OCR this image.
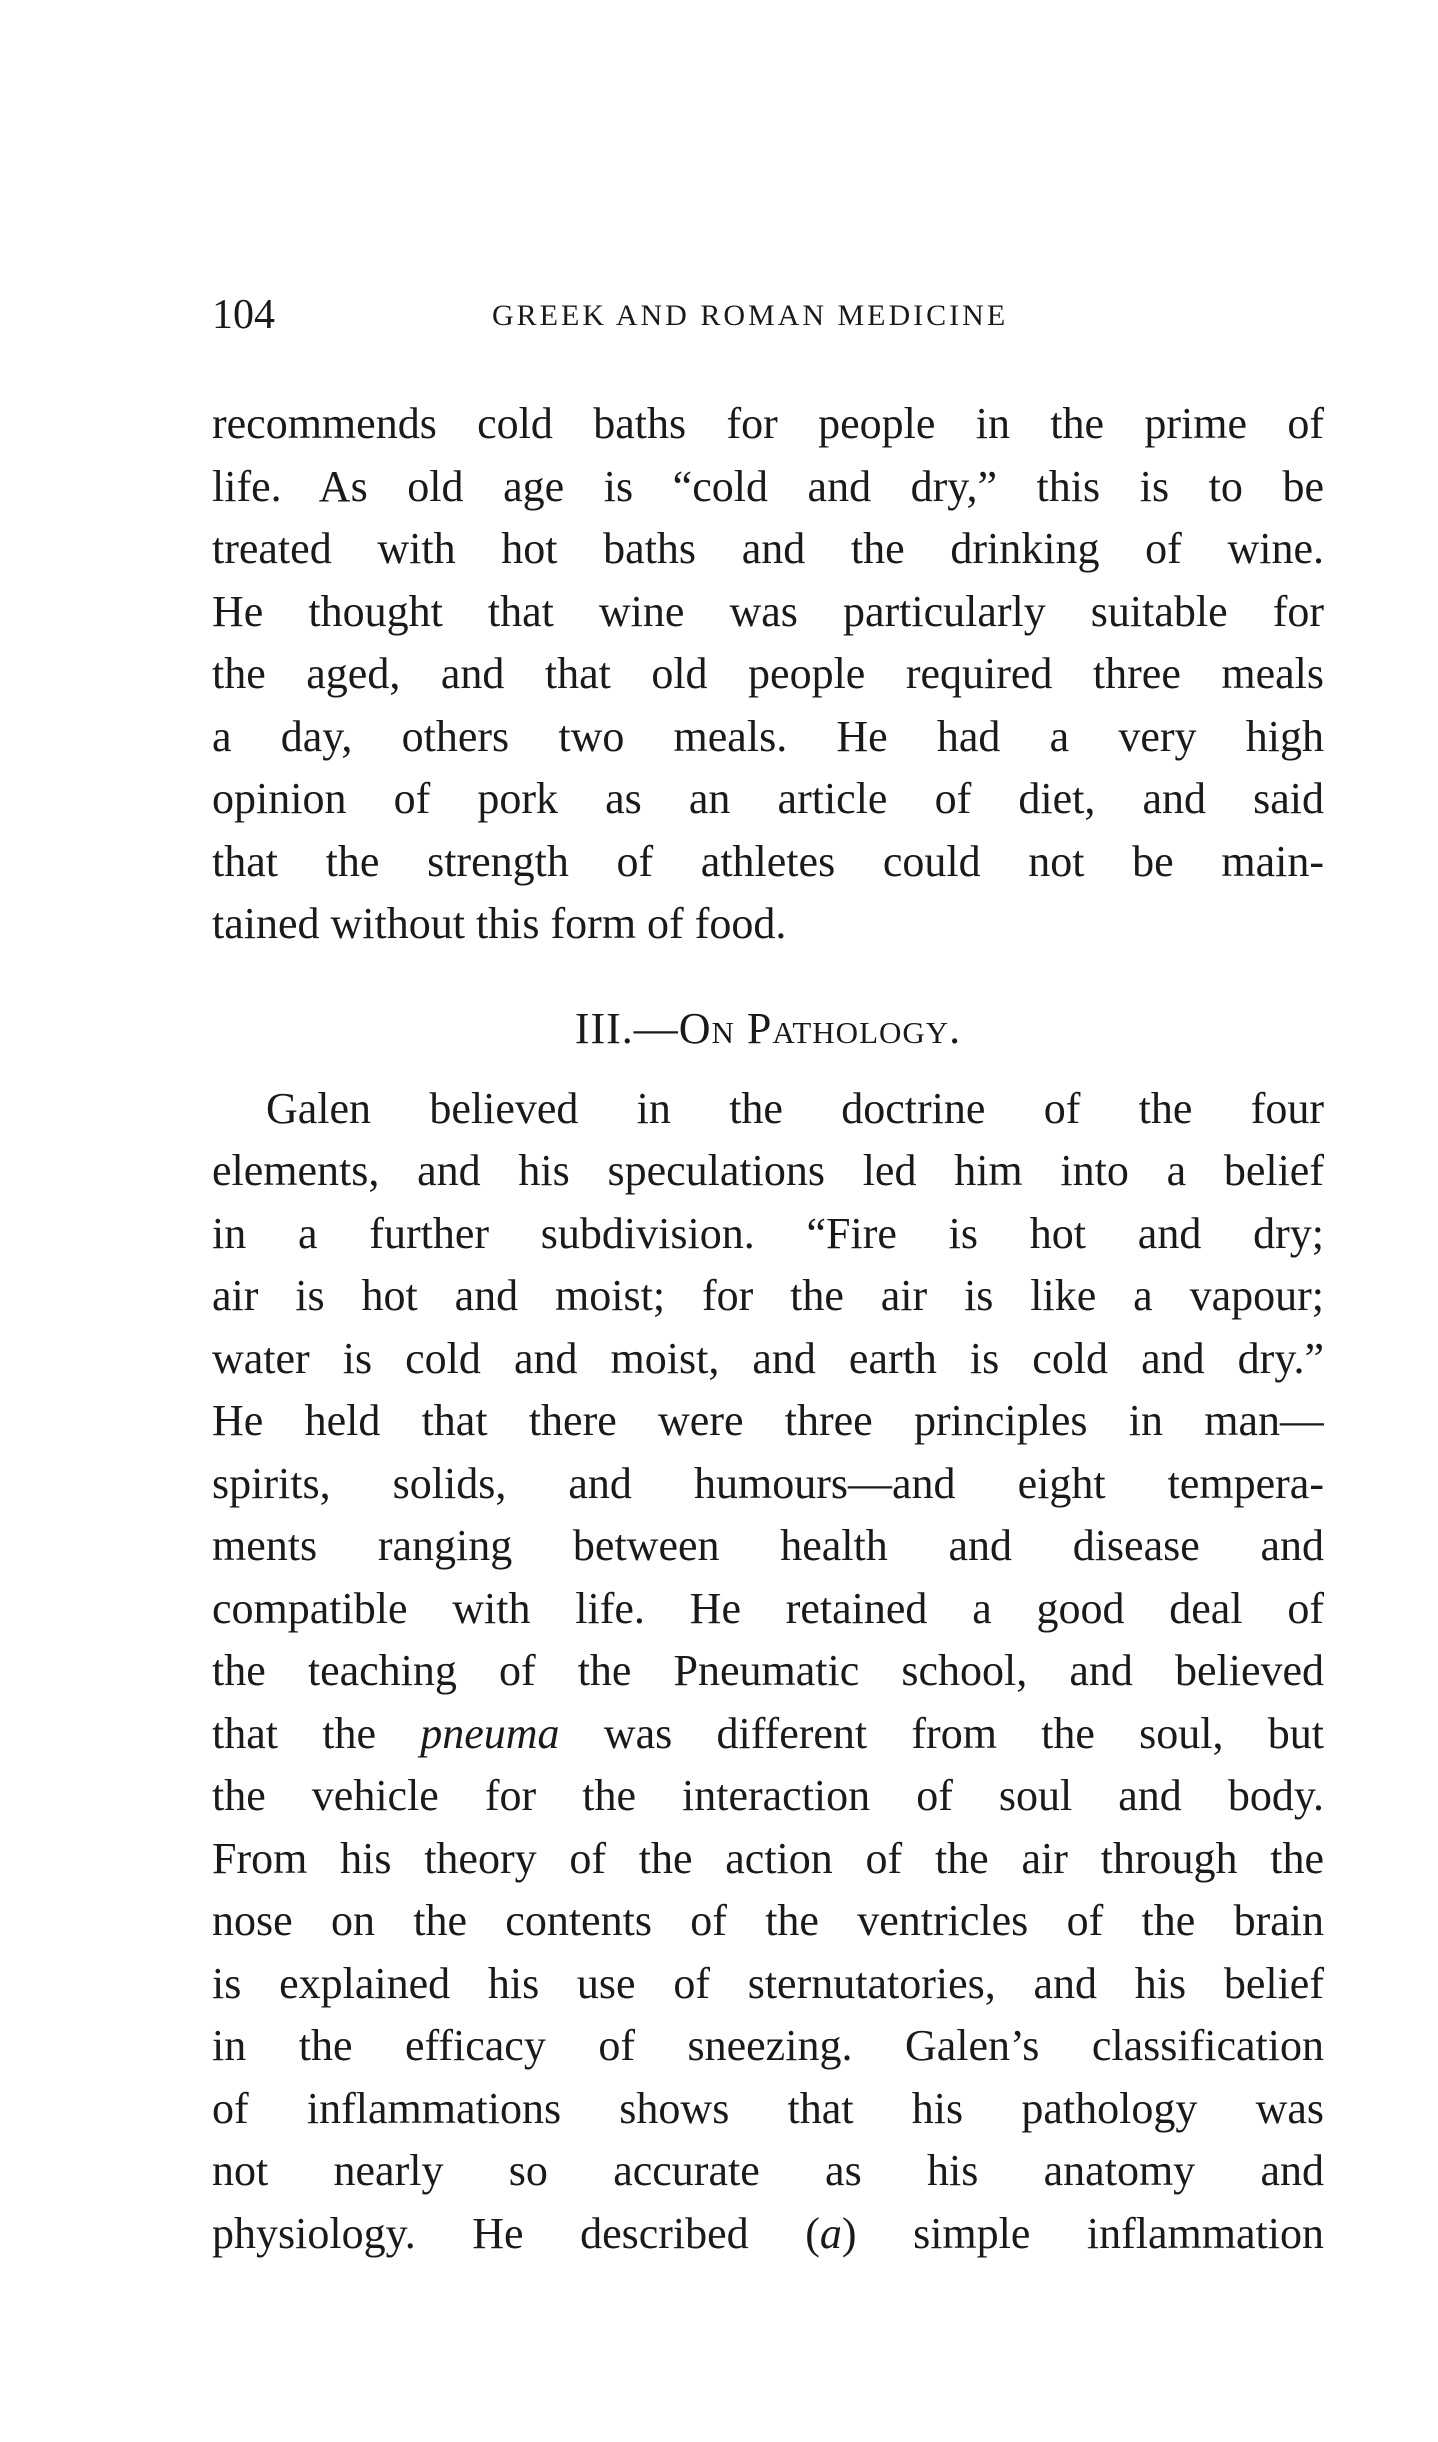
104	GREEK AND ROMAN MEDICINE
recommends cold baths for people in the prime of
life. As old age is “cold and dry,” this is to be
treated with hot baths and the drinking of wine.
He thought that wine was particularly suitable for
the aged, and that old people required three meals
a day, others two meals. He had a very high
opinion of pork as an article of diet, and said
that the strength of athletes could not be main-
tained without this form of food.
III.—On Pathology.
Galen believed in the doctrine of the four
elements, and his speculations led him into a belief
in a further subdivision. “Fire is hot and dry;
air is hot and moist; for the air is like a vapour;
water is cold and moist, and earth is cold and dry.”
He held that there were three principles in man—
spirits, solids, and humours—and eight tempera-
ments ranging between health and disease and
compatible with life. He retained a good deal of
the teaching of the Pneumatic school, and believed
that the pneuma was different from the soul, but
the vehicle for the interaction of soul and body.
From his theory of the action of the air through the
nose on the contents of the ventricles of the brain
is explained his use of sternutatories, and his belief
in the efficacy of sneezing. Galen’s classification
of inflammations shows that his pathology was
not nearly so accurate as his anatomy and
physiology. He described (a) simple inflammation
